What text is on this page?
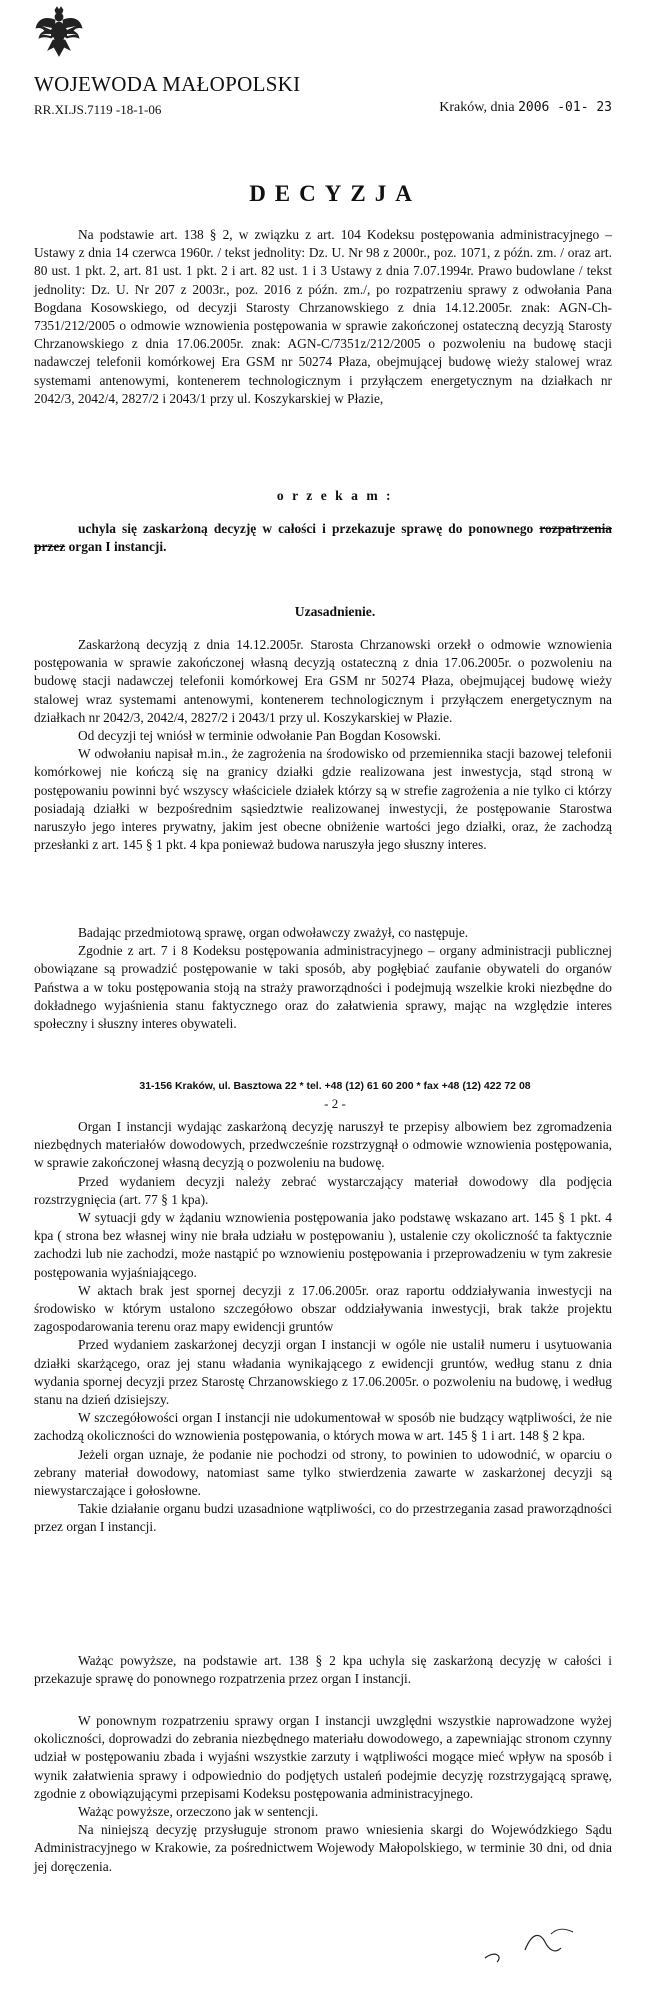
WOJEWODA MAŁOPOLSKI
RR.XI.JS.7119 -18-1-06	Kraków, dnia 2006 -01- 23
DECYZJA

Na podstawie art. 138 § 2, w związku z art. 104 Kodeksu postępowania administracyjnego – Ustawy z dnia 14 czerwca 1960r. / tekst jednolity: Dz. U. Nr 98 z 2000r., poz. 1071, z późn. zm. / oraz art. 80 ust. 1 pkt. 2, art. 81 ust. 1 pkt. 2 i art. 82 ust. 1 i 3 Ustawy z dnia 7.07.1994r. Prawo budowlane / tekst jednolity: Dz. U. Nr 207 z 2003r., poz. 2016 z późn. zm./, po rozpatrzeniu sprawy z odwołania Pana Bogdana Kosowskiego, od decyzji Starosty Chrzanowskiego z dnia 14.12.2005r. znak: AGN-Ch-7351/212/2005 o odmowie wznowienia postępowania w sprawie zakończonej ostateczną decyzją Starosty Chrzanowskiego z dnia 17.06.2005r. znak: AGN-C/7351z/212/2005 o pozwoleniu na budowę stacji nadawczej telefonii komórkowej Era GSM nr 50274 Płaza, obejmującej budowę wieży stalowej wraz systemami antenowymi, kontenerem technologicznym i przyłączem energetycznym na działkach nr 2042/3, 2042/4, 2827/2 i 2043/1 przy ul. Koszykarskiej w Płazie,

o r z e k a m :

uchyla się zaskarżoną decyzję w całości i przekazuje sprawę do ponownego rozpatrzenia przez organ I instancji.

Uzasadnienie.

Zaskarżoną decyzją z dnia 14.12.2005r. Starosta Chrzanowski orzekł o odmowie wznowienia postępowania w sprawie zakończonej własną decyzją ostateczną z dnia 17.06.2005r. o pozwoleniu na budowę stacji nadawczej telefonii komórkowej Era GSM nr 50274 Płaza, obejmującej budowę wieży stalowej wraz systemami antenowymi, kontenerem technologicznym i przyłączem energetycznym na działkach nr 2042/3, 2042/4, 2827/2 i 2043/1 przy ul. Koszykarskiej w Płazie.

Od decyzji tej wniósł w terminie odwołanie Pan Bogdan Kosowski.

W odwołaniu napisał m.in., że zagrożenia na środowisko od przemiennika stacji bazowej telefonii komórkowej nie kończą się na granicy działki gdzie realizowana jest inwestycja, stąd stroną w postępowaniu powinni być wszyscy właściciele działek którzy są w strefie zagrożenia a nie tylko ci którzy posiadają działki w bezpośrednim sąsiedztwie realizowanej inwestycji, że postępowanie Starostwa naruszyło jego interes prywatny, jakim jest obecne obniżenie wartości jego działki, oraz, że zachodzą przesłanki z art. 145 § 1 pkt. 4 kpa ponieważ budowa naruszyła jego słuszny interes.

Badając przedmiotową sprawę, organ odwoławczy zważył, co następuje.

Zgodnie z art. 7 i 8 Kodeksu postępowania administracyjnego – organy administracji publicznej obowiązane są prowadzić postępowanie w taki sposób, aby pogłębiać zaufanie obywateli do organów Państwa a w toku postępowania stoją na straży praworządności i podejmują wszelkie kroki niezbędne do dokładnego wyjaśnienia stanu faktycznego oraz do załatwienia sprawy, mając na względzie interes społeczny i słuszny interes obywateli.

31-156 Kraków, ul. Basztowa 22 * tel. +48 (12) 61 60 200 * fax +48 (12) 422 72 08
- 2 -

Organ I instancji wydając zaskarżoną decyzję naruszył te przepisy albowiem bez zgromadzenia niezbędnych materiałów dowodowych, przedwcześnie rozstrzygnął o odmowie wznowienia postępowania, w sprawie zakończonej własną decyzją o pozwoleniu na budowę.

Przed wydaniem decyzji należy zebrać wystarczający materiał dowodowy dla podjęcia rozstrzygnięcia (art. 77 § 1 kpa).

W sytuacji gdy w żądaniu wznowienia postępowania jako podstawę wskazano art. 145 § 1 pkt. 4 kpa ( strona bez własnej winy nie brała udziału w postępowaniu ), ustalenie czy okoliczność ta faktycznie zachodzi lub nie zachodzi, może nastąpić po wznowieniu postępowania i przeprowadzeniu w tym zakresie postępowania wyjaśniającego.

W aktach brak jest spornej decyzji z 17.06.2005r. oraz raportu oddziaływania inwestycji na środowisko w którym ustalono szczegółowo obszar oddziaływania inwestycji, brak także projektu zagospodarowania terenu oraz mapy ewidencji gruntów

Przed wydaniem zaskarżonej decyzji organ I instancji w ogóle nie ustalił numeru i usytuowania działki skarżącego, oraz jej stanu władania wynikającego z ewidencji gruntów, według stanu z dnia wydania spornej decyzji przez Starostę Chrzanowskiego z 17.06.2005r. o pozwoleniu na budowę, i według stanu na dzień dzisiejszy.

W szczegółowości organ I instancji nie udokumentował w sposób nie budzący wątpliwości, że nie zachodzą okoliczności do wznowienia postępowania, o których mowa w art. 145 § 1 i art. 148 § 2 kpa.

Jeżeli organ uznaje, że podanie nie pochodzi od strony, to powinien to udowodnić, w oparciu o zebrany materiał dowodowy, natomiast same tylko stwierdzenia zawarte w zaskarżonej decyzji są niewystarczające i gołosłowne.

Takie działanie organu budzi uzasadnione wątpliwości, co do przestrzegania zasad praworządności przez organ I instancji.

Ważąc powyższe, na podstawie art. 138 § 2 kpa uchyla się zaskarżoną decyzję w całości i przekazuje sprawę do ponownego rozpatrzenia przez organ I instancji.

W ponownym rozpatrzeniu sprawy organ I instancji uwzględni wszystkie naprowadzone wyżej okoliczności, doprowadzi do zebrania niezbędnego materiału dowodowego, a zapewniając stronom czynny udział w postępowaniu zbada i wyjaśni wszystkie zarzuty i wątpliwości mogące mieć wpływ na sposób i wynik załatwienia sprawy i odpowiednio do podjętych ustaleń podejmie decyzję rozstrzygającą sprawę, zgodnie z obowiązującymi przepisami Kodeksu postępowania administracyjnego.

Ważąc powyższe, orzeczono jak w sentencji.

Na niniejszą decyzję przysługuje stronom prawo wniesienia skargi do Wojewódzkiego Sądu Administracyjnego w Krakowie, za pośrednictwem Wojewody Małopolskiego, w terminie 30 dni, od dnia jej doręczenia.
